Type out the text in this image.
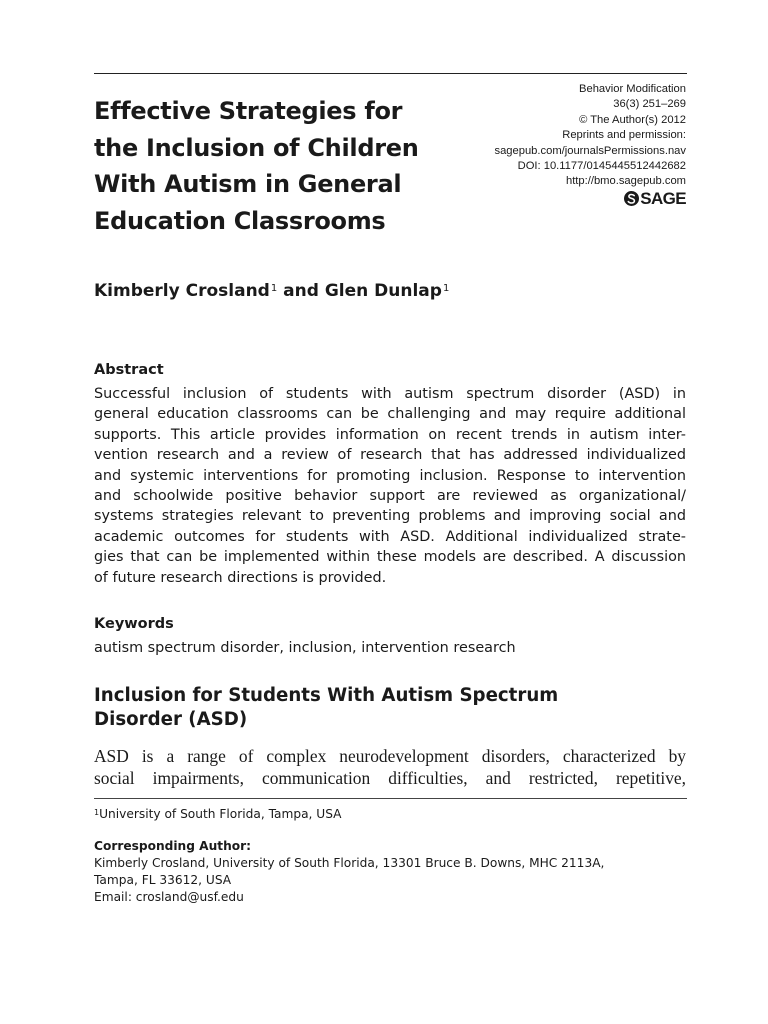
Effective Strategies for
the Inclusion of Children
With Autism in General
Education Classrooms
Behavior Modification
36(3) 251–269
© The Author(s) 2012
Reprints and permission:
sagepub.com/journalsPermissions.nav
DOI: 10.1177/0145445512442682
http://bmo.sagepub.com
SAGE
Kimberly Crosland$^1$ and Glen Dunlap$^1$
Abstract
Successful inclusion of students with autism spectrum disorder (ASD) in
general education classrooms can be challenging and may require additional
supports. This article provides information on recent trends in autism inter-
vention research and a review of research that has addressed individualized
and systemic interventions for promoting inclusion. Response to intervention
and schoolwide positive behavior support are reviewed as organizational/
systems strategies relevant to preventing problems and improving social and
academic outcomes for students with ASD. Additional individualized strate-
gies that can be implemented within these models are described. A discussion
of future research directions is provided.
Keywords
autism spectrum disorder, inclusion, intervention research
Inclusion for Students With Autism Spectrum
Disorder (ASD)
ASD is a range of complex neurodevelopment disorders, characterized by
social impairments, communication difficulties, and restricted, repetitive,
$^1$University of South Florida, Tampa, USA
Corresponding Author:
Kimberly Crosland, University of South Florida, 13301 Bruce B. Downs, MHC 2113A,
Tampa, FL 33612, USA
Email: crosland@usf.edu
